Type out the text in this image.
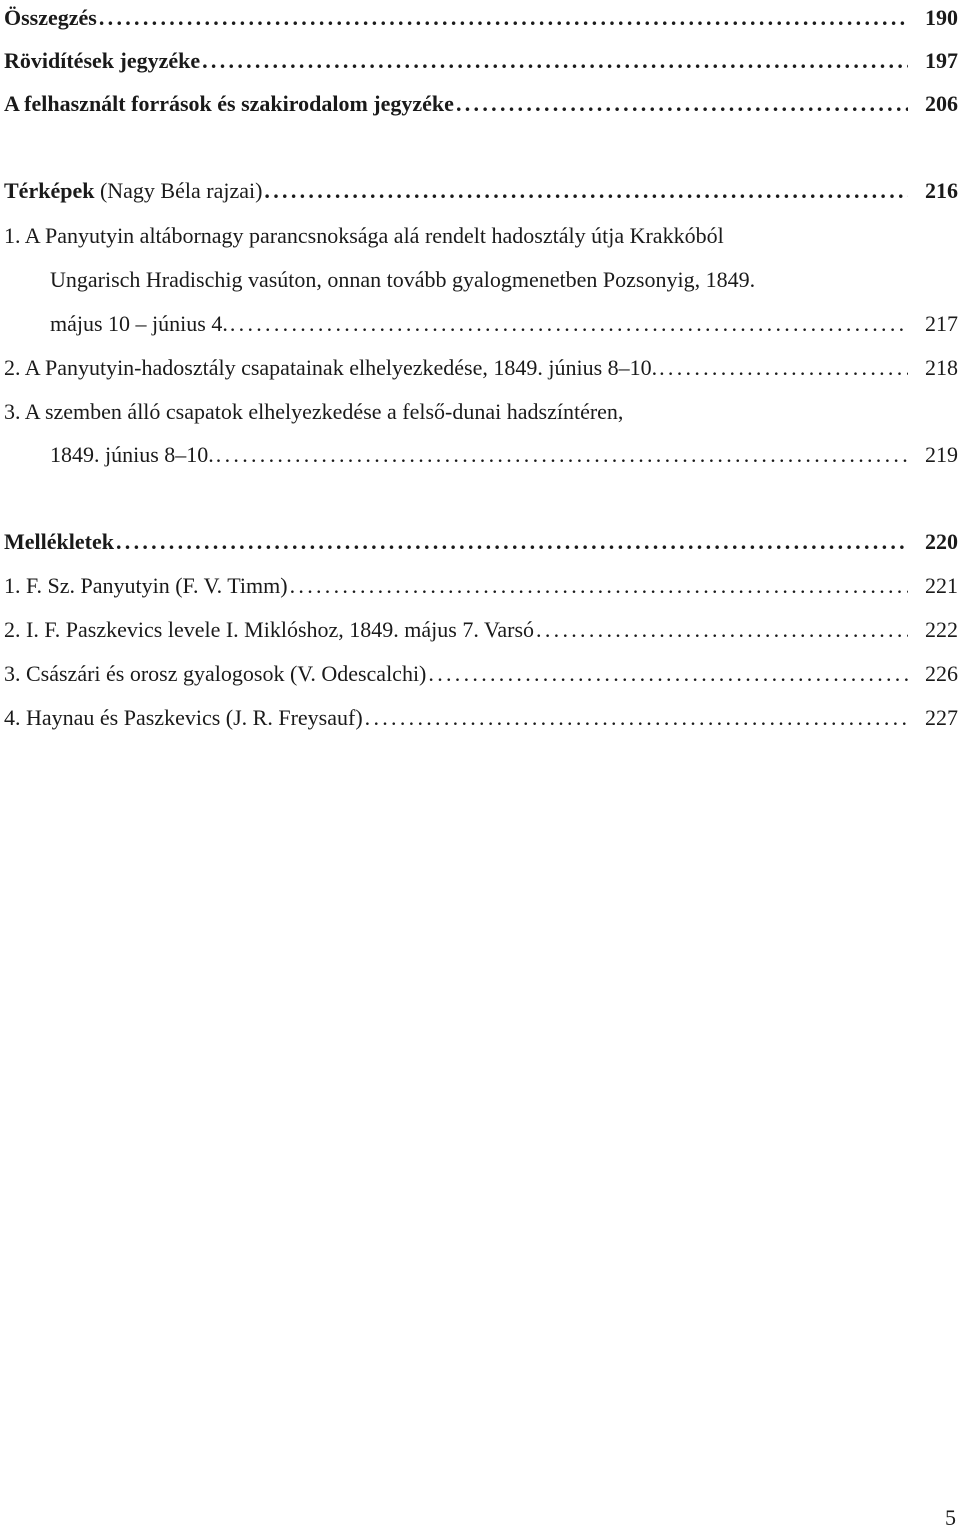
Összegzés . . .	190
Rövidítések jegyzéke . . .	197
A felhasznált források és szakirodalom jegyzéke . . .	206
Térképek (Nagy Béla rajzai) . . .	216
1. A Panyutyin altábornagy parancsnoksága alá rendelt hadosztály útja Krakkóból
Ungarisch Hradischig vasúton, onnan tovább gyalogmenetben Pozsonyig, 1849.
május 10 – június 4. . . .	217
2. A Panyutyin-hadosztály csapatainak elhelyezkedése, 1849. június 8–10. . . .	218
3. A szemben álló csapatok elhelyezkedése a felső-dunai hadszíntéren,
1849. június 8–10. . . .	219
Mellékletek . . .	220
1. F. Sz. Panyutyin (F. V. Timm) . . .	221
2. I. F. Paszkevics levele I. Miklóshoz, 1849. május 7. Varsó . . .	222
3. Császári és orosz gyalogosok (V. Odescalchi) . . .	226
4. Haynau és Paszkevics (J. R. Freysauf) . . .	227
5
